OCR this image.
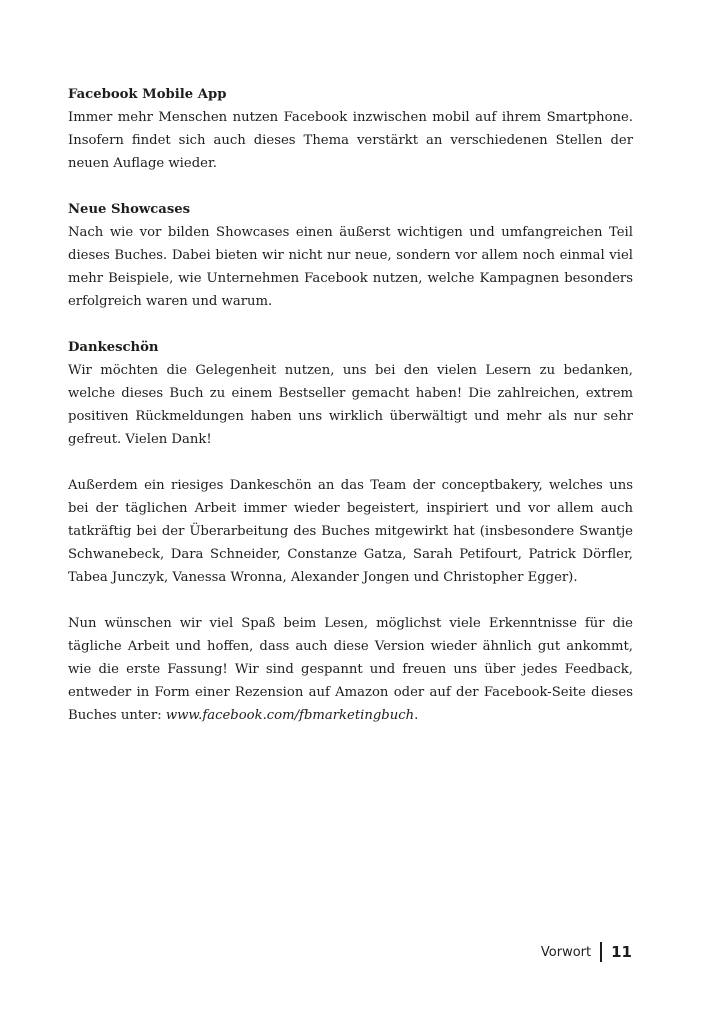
Facebook Mobile App

Immer mehr Menschen nutzen Facebook inzwischen mobil auf ihrem Smartphone. Insofern findet sich auch dieses Thema verstärkt an verschiedenen Stellen der neuen Auflage wieder.

Neue Showcases

Nach wie vor bilden Showcases einen äußerst wichtigen und umfangreichen Teil dieses Buches. Dabei bieten wir nicht nur neue, sondern vor allem noch einmal viel mehr Beispiele, wie Unternehmen Facebook nutzen, welche Kampagnen besonders erfolgreich waren und warum.

Dankeschön

Wir möchten die Gelegenheit nutzen, uns bei den vielen Lesern zu bedanken, welche dieses Buch zu einem Bestseller gemacht haben! Die zahlreichen, extrem positiven Rückmeldungen haben uns wirklich überwältigt und mehr als nur sehr gefreut. Vielen Dank!

Außerdem ein riesiges Dankeschön an das Team der conceptbakery, welches uns bei der täglichen Arbeit immer wieder begeistert, inspiriert und vor allem auch tatkräftig bei der Überarbeitung des Buches mitgewirkt hat (insbesondere Swantje Schwanebeck, Dara Schneider, Constanze Gatza, Sarah Petifourt, Patrick Dörfler, Tabea Junczyk, Vanessa Wronna, Alexander Jongen und Christopher Egger).

Nun wünschen wir viel Spaß beim Lesen, möglichst viele Erkenntnisse für die tägliche Arbeit und hoffen, dass auch diese Version wieder ähnlich gut ankommt, wie die erste Fassung! Wir sind gespannt und freuen uns über jedes Feedback, entweder in Form einer Rezension auf Amazon oder auf der Facebook-Seite dieses Buches unter: www.facebook.​com/fbmarketingbuch.

Vorwort 11
